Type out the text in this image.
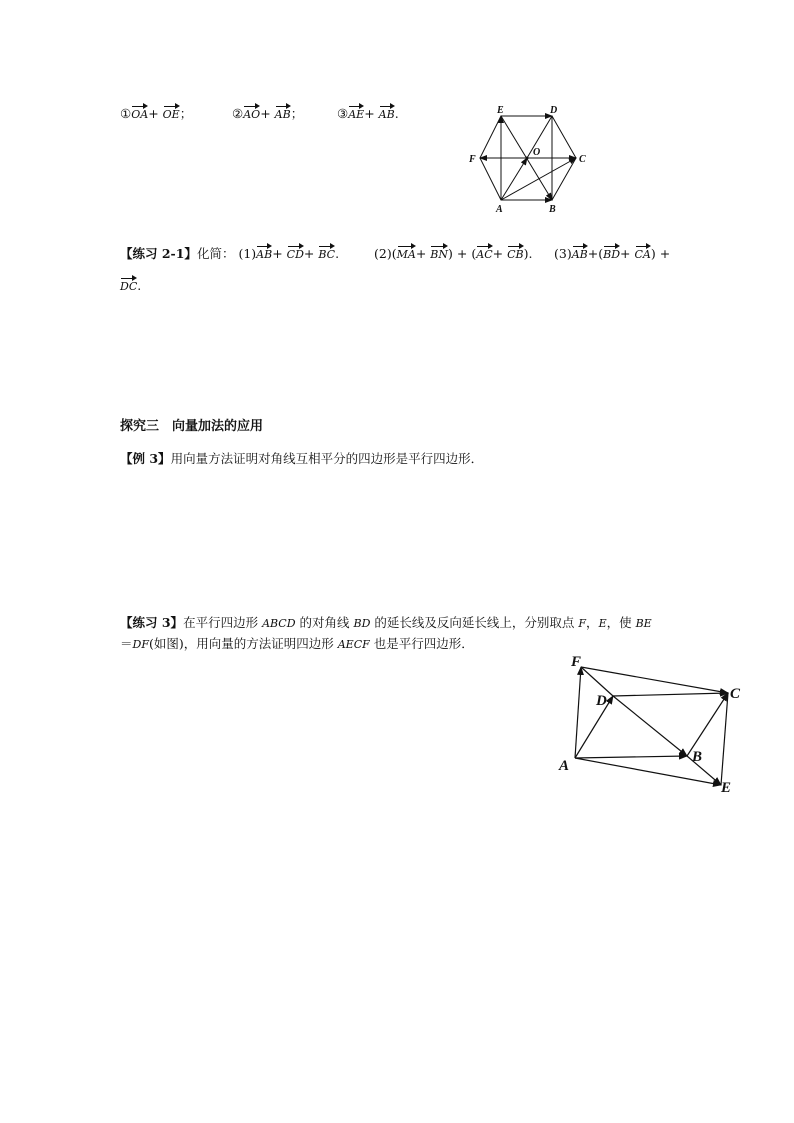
①OA+ OE；	②AO+ AB；	③AE+ AB.	E	D
F	C
O
A	B
【练习 2-1】化简： (1)AB+ CD+ BC.	(2)(MA+ BN) + (AC+ CB). (3)AB+(BD+ CA) +
DC.
探究三　向量加法的应用
【例 3】用向量方法证明对角线互相平分的四边形是平行四边形．
【练习 3】在平行四边形 ABCD 的对角线 BD 的延长线及反向延长线上，分别取点 F，E，使 BE
＝DF(如图)，用向量的方法证明四边形 AECF 也是平行四边形．
F
D	C
A
B
E
